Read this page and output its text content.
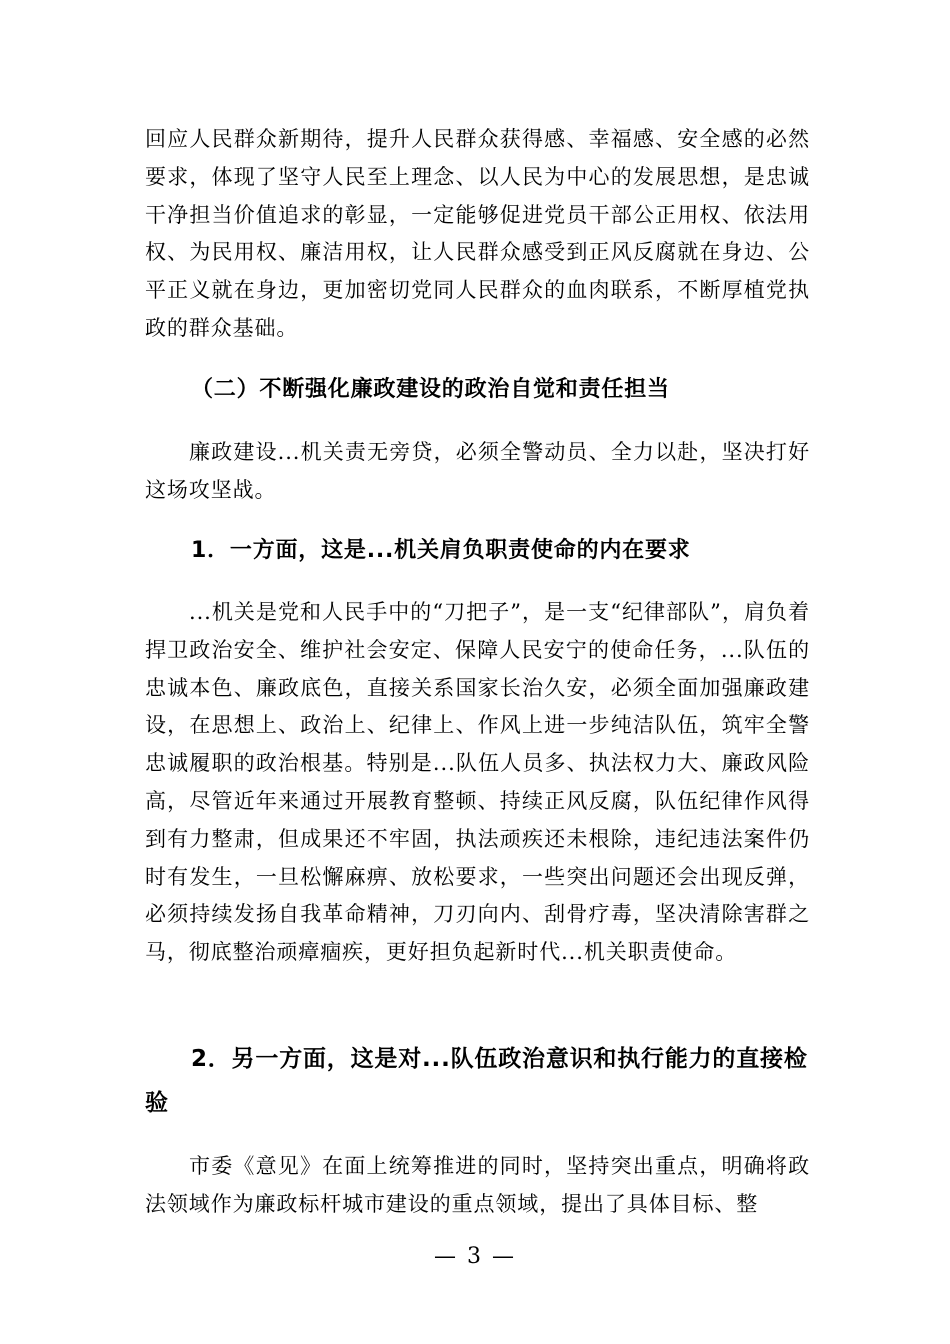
回应人民群众新期待，提升人民群众获得感、幸福感、安全感的必然要求，体现了坚守人民至上理念、以人民为中心的发展思想，是忠诚干净担当价值追求的彰显，一定能够促进党员干部公正用权、依法用权、为民用权、廉洁用权，让人民群众感受到正风反腐就在身边、公平正义就在身边，更加密切党同人民群众的血肉联系，不断厚植党执政的群众基础。

（二）不断强化廉政建设的政治自觉和责任担当

廉政建设...机关责无旁贷，必须全警动员、全力以赴，坚决打好这场攻坚战。

1．一方面，这是...机关肩负职责使命的内在要求

...机关是党和人民手中的“刀把子”，是一支“纪律部队”，肩负着捍卫政治安全、维护社会安定、保障人民安宁的使命任务，...队伍的忠诚本色、廉政底色，直接关系国家长治久安，必须全面加强廉政建设，在思想上、政治上、纪律上、作风上进一步纯洁队伍，筑牢全警忠诚履职的政治根基。特别是...队伍人员多、执法权力大、廉政风险高，尽管近年来通过开展教育整顿、持续正风反腐，队伍纪律作风得到有力整肃，但成果还不牢固，执法顽疾还未根除，违纪违法案件仍时有发生，一旦松懈麻痹、放松要求，一些突出问题还会出现反弹，必须持续发扬自我革命精神，刀刃向内、刮骨疗毒，坚决清除害群之马，彻底整治顽瘴痼疾，更好担负起新时代...机关职责使命。

2．另一方面，这是对...队伍政治意识和执行能力的直接检验

市委《意见》在面上统筹推进的同时，坚持突出重点，明确将政法领域作为廉政标杆城市建设的重点领域，提出了具体目标、整

— 3 —
